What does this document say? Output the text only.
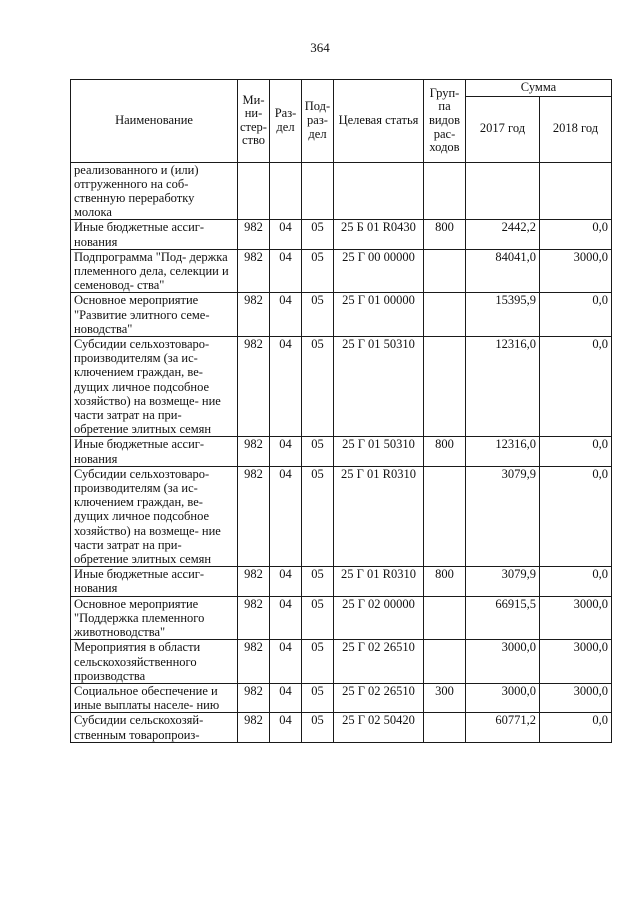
364
Наименование	Ми- ни- стер- ство	Раз- дел	Под- раз- дел	Целевая статья	Груп- па видов рас- ходов	Сумма	
						2017 год	2018 год
реализованного и (или) отгруженного на соб- ственную переработку молока							
Иные бюджетные ассиг- нования	982	04	05	25 Б 01 R0430	800	2442,2	0,0
Подпрограмма "Под- держка племенного дела, селекции и семеновод- ства"	982	04	05	25 Г 00 00000		84041,0	3000,0
Основное мероприятие "Развитие элитного семе- новодства"	982	04	05	25 Г 01 00000		15395,9	0,0
Субсидии сельхозтоваро- производителям (за ис- ключением граждан, ве- дущих личное подсобное хозяйство) на возмеще- ние части затрат на при- обретение элитных семян	982	04	05	25 Г 01 50310		12316,0	0,0
Иные бюджетные ассиг- нования	982	04	05	25 Г 01 50310	800	12316,0	0,0
Субсидии сельхозтоваро- производителям (за ис- ключением граждан, ве- дущих личное подсобное хозяйство) на возмеще- ние части затрат на при- обретение элитных семян	982	04	05	25 Г 01 R0310		3079,9	0,0
Иные бюджетные ассиг- нования	982	04	05	25 Г 01 R0310	800	3079,9	0,0
Основное мероприятие "Поддержка племенного животноводства"	982	04	05	25 Г 02 00000		66915,5	3000,0
Мероприятия в области сельскохозяйственного производства	982	04	05	25 Г 02 26510		3000,0	3000,0
Социальное обеспечение и иные выплаты населе- нию	982	04	05	25 Г 02 26510	300	3000,0	3000,0
Субсидии сельскохозяй- ственным товаропроиз-	982	04	05	25 Г 02 50420		60771,2	0,0
